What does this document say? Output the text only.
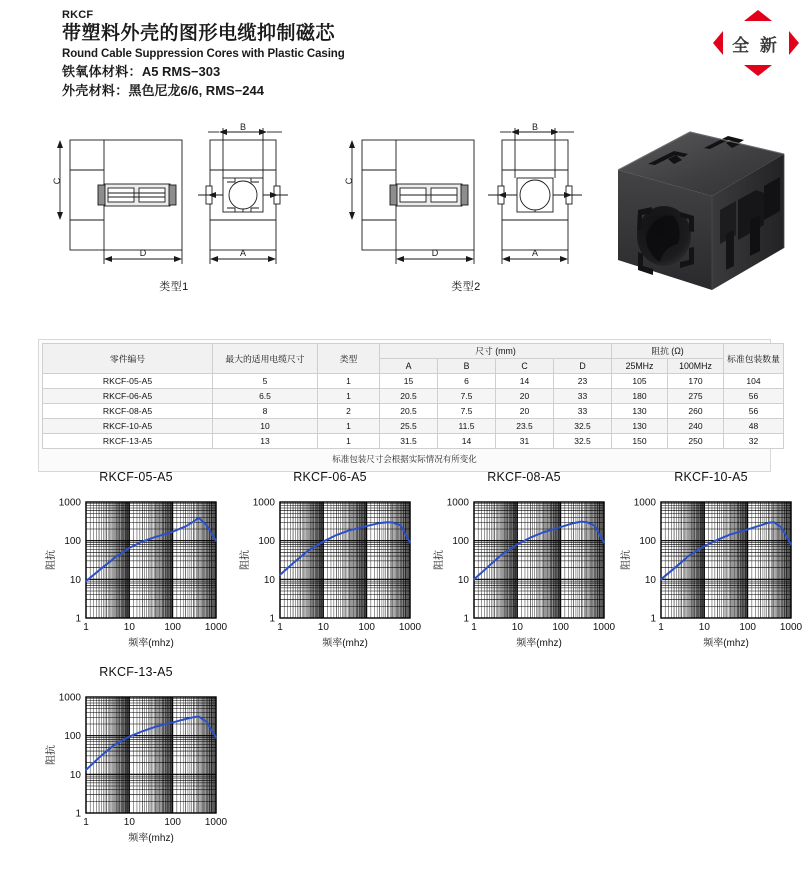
RKCF
带塑料外壳的图形电缆抑制磁芯
Round Cable Suppression Cores with Plastic Casing
铁氧体材料：A5 RMS−303
外壳材料：黑色尼龙6/6, RMS−244
全 新
C
D
B
A
类型1
C
D
B
A
类型2
零件编号	最大的适用电缆尺寸	类型	尺寸 (mm)				阻抗 (Ω)		标准包装数量
			A	B	C	D	25MHz	100MHz	
RKCF-05-A5	5	1	15	6	14	23	105	170	104
RKCF-06-A5	6.5	1	20.5	7.5	20	33	180	275	56
RKCF-08-A5	8	2	20.5	7.5	20	33	130	260	56
RKCF-10-A5	10	1	25.5	11.5	23.5	32.5	130	240	48
RKCF-13-A5	13	1	31.5	14	31	32.5	150	250	32
标准包装尺寸会根据实际情况有所变化
RKCF-05-A5
1	10	100 1000
1
10
100
1000
频率(mhz)
阻抗
RKCF-06-A5
1	10	100 1000
1
10
100
1000
频率(mhz)
阻抗
RKCF-08-A5
1	10	100 1000
1
10
100
1000
频率(mhz)
阻抗
RKCF-10-A5
1	10	100 1000
1
10
100
1000
频率(mhz)
阻抗
RKCF-13-A5
1	10	100 1000
1
10
100
1000
频率(mhz)
阻抗
